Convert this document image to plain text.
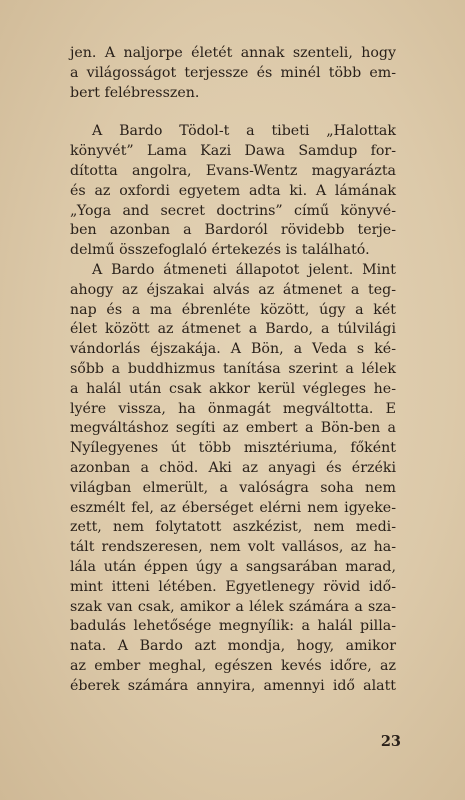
jen. A naljorpe életét annak szenteli, hogy
a világosságot terjessze és minél több em-
bert felébresszen.
A Bardo Tödol-t a tibeti „Halottak
könyvét” Lama Kazi Dawa Samdup for-
dította angolra, Evans-Wentz magyarázta
és az oxfordi egyetem adta ki. A lámának
„Yoga and secret doctrins” című könyvé-
ben azonban a Bardoról rövidebb terje-
delmű összefoglaló értekezés is található.
A Bardo átmeneti állapotot jelent. Mint
ahogy az éjszakai alvás az átmenet a teg-
nap és a ma ébrenléte között, úgy a két
élet között az átmenet a Bardo, a túlvilági
vándorlás éjszakája. A Bön, a Veda s ké-
sőbb a buddhizmus tanítása szerint a lélek
a halál után csak akkor kerül végleges he-
lyére vissza, ha önmagát megváltotta. E
megváltáshoz segíti az embert a Bön-ben a
Nyílegyenes út több misztériuma, főként
azonban a chöd. Aki az anyagi és érzéki
világban elmerült, a valóságra soha nem
eszmélt fel, az éberséget elérni nem igyeke-
zett, nem folytatott aszkézist, nem medi-
tált rendszeresen, nem volt vallásos, az ha-
lála után éppen úgy a sangsarában marad,
mint itteni létében. Egyetlenegy rövid idő-
szak van csak, amikor a lélek számára a sza-
badulás lehetősége megnyílik: a halál pilla-
nata. A Bardo azt mondja, hogy, amikor
az ember meghal, egészen kevés időre, az
éberek számára annyira, amennyi idő alatt
23
